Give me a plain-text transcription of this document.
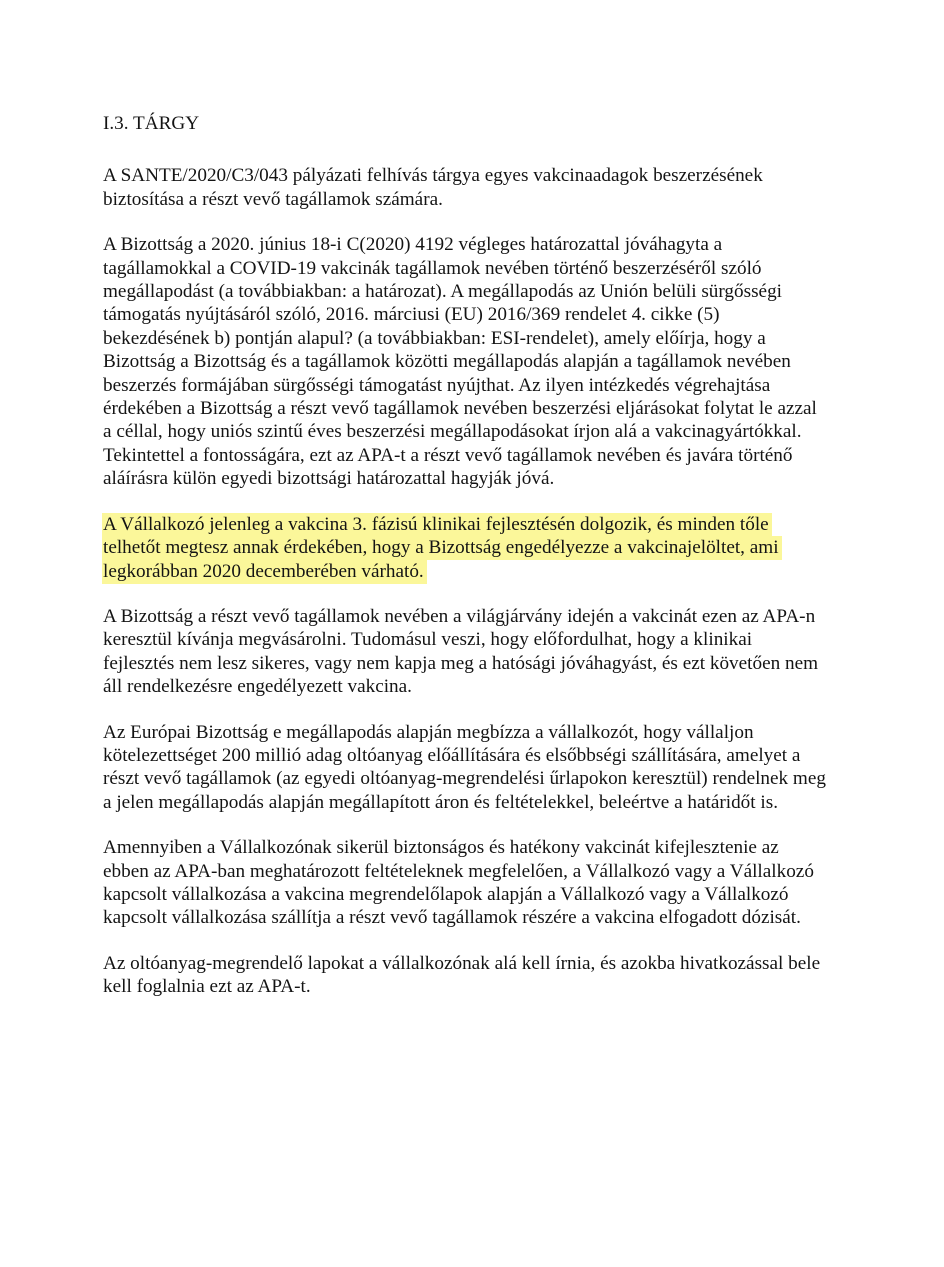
I.3. TÁRGY
A SANTE/2020/C3/043 pályázati felhívás tárgya egyes vakcinaadagok beszerzésének
biztosítása a részt vevő tagállamok számára.
A Bizottság a 2020. június 18-i C(2020) 4192 végleges határozattal jóváhagyta a
tagállamokkal a COVID-19 vakcinák tagállamok nevében történő beszerzéséről szóló
megállapodást (a továbbiakban: a határozat). A megállapodás az Unión belüli sürgősségi
támogatás nyújtásáról szóló, 2016. márciusi (EU) 2016/369 rendelet 4. cikke (5)
bekezdésének b) pontján alapul? (a továbbiakban: ESI-rendelet), amely előírja, hogy a
Bizottság a Bizottság és a tagállamok közötti megállapodás alapján a tagállamok nevében
beszerzés formájában sürgősségi támogatást nyújthat. Az ilyen intézkedés végrehajtása
érdekében a Bizottság a részt vevő tagállamok nevében beszerzési eljárásokat folytat le azzal
a céllal, hogy uniós szintű éves beszerzési megállapodásokat írjon alá a vakcinagyártókkal.
Tekintettel a fontosságára, ezt az APA-t a részt vevő tagállamok nevében és javára történő
aláírásra külön egyedi bizottsági határozattal hagyják jóvá.
A Vállalkozó jelenleg a vakcina 3. fázisú klinikai fejlesztésén dolgozik, és minden tőle
telhetőt megtesz annak érdekében, hogy a Bizottság engedélyezze a vakcinajelöltet, ami
legkorábban 2020 decemberében várható.
A Bizottság a részt vevő tagállamok nevében a világjárvány idején a vakcinát ezen az APA-n
keresztül kívánja megvásárolni. Tudomásul veszi, hogy előfordulhat, hogy a klinikai
fejlesztés nem lesz sikeres, vagy nem kapja meg a hatósági jóváhagyást, és ezt követően nem
áll rendelkezésre engedélyezett vakcina.
Az Európai Bizottság e megállapodás alapján megbízza a vállalkozót, hogy vállaljon
kötelezettséget 200 millió adag oltóanyag előállítására és elsőbbségi szállítására, amelyet a
részt vevő tagállamok (az egyedi oltóanyag-megrendelési űrlapokon keresztül) rendelnek meg
a jelen megállapodás alapján megállapított áron és feltételekkel, beleértve a határidőt is.
Amennyiben a Vállalkozónak sikerül biztonságos és hatékony vakcinát kifejlesztenie az
ebben az APA-ban meghatározott feltételeknek megfelelően, a Vállalkozó vagy a Vállalkozó
kapcsolt vállalkozása a vakcina megrendelőlapok alapján a Vállalkozó vagy a Vállalkozó
kapcsolt vállalkozása szállítja a részt vevő tagállamok részére a vakcina elfogadott dózisát.
Az oltóanyag-megrendelő lapokat a vállalkozónak alá kell írnia, és azokba hivatkozással bele
kell foglalnia ezt az APA-t.
